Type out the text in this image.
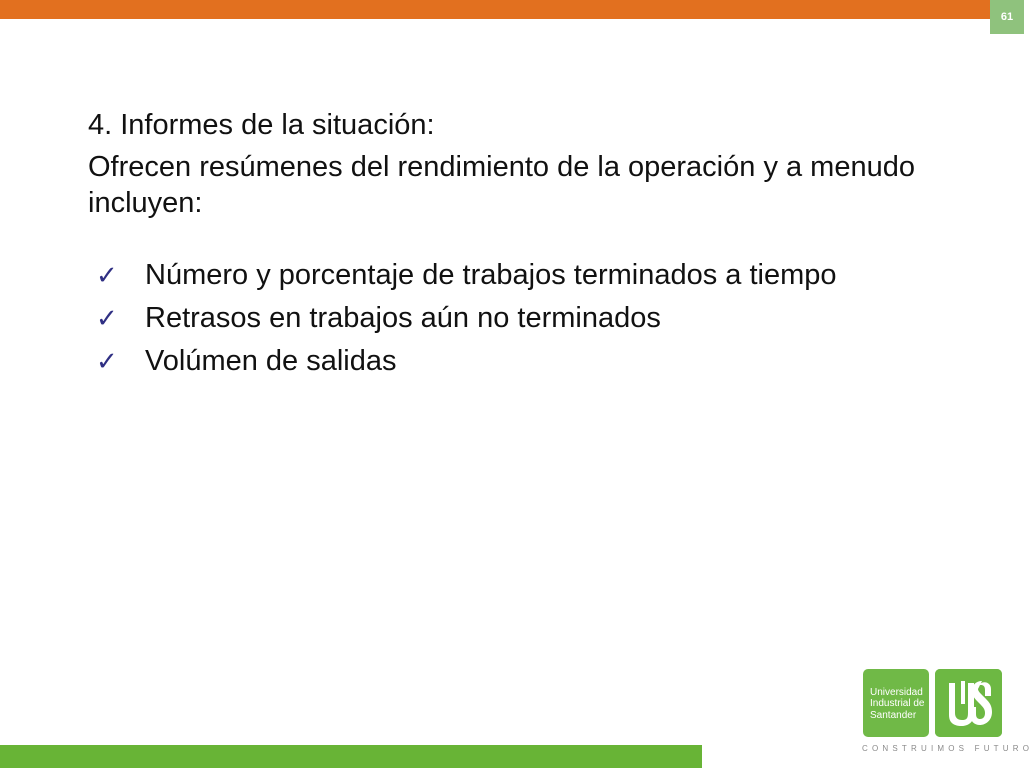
61

4. Informes de la situación:

Ofrecen resúmenes del rendimiento de la operación y a menudo incluyen:

✓ Número y porcentaje de trabajos terminados a tiempo
✓ Retrasos en trabajos aún no terminados
✓ Volúmen de salidas
Universidad
Industrial de
Santander
CONSTRUIMOS FUTURO
